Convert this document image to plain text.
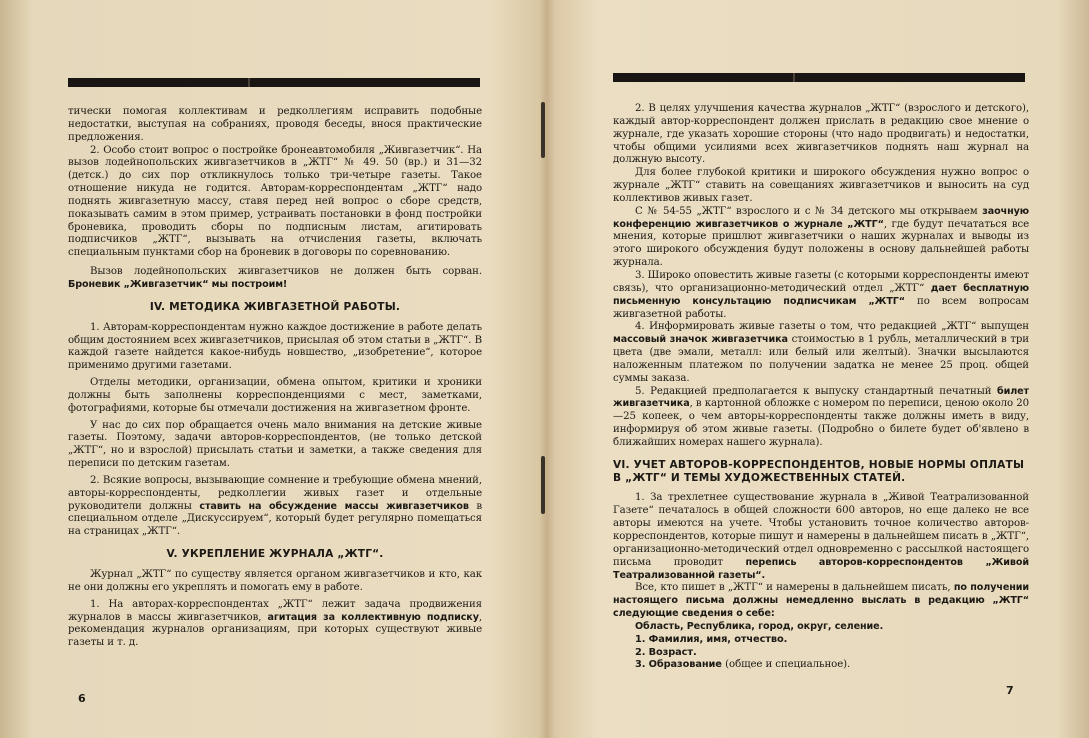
тически помогая коллективам и редколлегиям исправить подобные недостатки, выступая на собраниях, проводя беседы, внося практические предложения.

2. Особо стоит вопрос о постройке бронеавтомобиля „Живгазетчик“. На вызов лодейнопольских живгазетчиков в „ЖТГ“ № 49. 50 (вр.) и 31—32 (детск.) до сих пор откликнулось только три-четыре газеты. Такое отношение никуда не годится. Авторам-корреспондентам „ЖТГ“ надо поднять живгазетную массу, ставя перед ней вопрос о сборе средств, показывать самим в этом пример, устраивать постановки в фонд постройки броневика, проводить сборы по подписным листам, агитировать подписчиков „ЖТГ“, вызывать на отчисления газеты, включать специальным пунктами сбор на броневик в договоры по соревнованию.

Вызов лодейнопольских живгазетчиков не должен быть сорван. Броневик „Живгазетчик“ мы построим!

IV. МЕТОДИКА ЖИВГАЗЕТНОЙ РАБОТЫ.

1. Авторам-корреспондентам нужно каждое достижение в работе делать общим достоянием всех живгазетчиков, присылая об этом статьи в „ЖТГ“. В каждой газете найдется какое-нибудь новшество, „изобретение“, которое применимо другими газетами.

Отделы методики, организации, обмена опытом, критики и хроники должны быть заполнены корреспонденциями с мест, заметками, фотографиями, которые бы отмечали достижения на живгазетном фронте.

У нас до сих пор обращается очень мало внимания на детские живые газеты. Поэтому, задачи авторов-корреспондентов, (не только детской „ЖТГ“, но и взрослой) присылать статьи и заметки, а также сведения для переписи по детским газетам.

2. Всякие вопросы, вызывающие сомнение и требующие обмена мнений, авторы-корреспонденты, редколлегии живых газет и отдельные руководители должны ставить на обсуждение массы живгазетчиков в специальном отделе „Дискуссируем“, который будет регулярно помещаться на страницах „ЖТГ“.

V. УКРЕПЛЕНИЕ ЖУРНАЛА „ЖТГ“.

Журнал „ЖТГ“ по существу является органом живгазетчиков и кто, как не они должны его укреплять и помогать ему в работе.

1. На авторах-корреспондентах „ЖТГ“ лежит задача продвижения журналов в массы живгазетчиков, агитация за коллективную подписку, рекомендация журналов организациям, при которых существуют живые газеты и т. д.

6

2. В целях улучшения качества журналов „ЖТГ“ (взрослого и детского), каждый автор-корреспондент должен прислать в редакцию свое мнение о журнале, где указать хорошие стороны (что надо продвигать) и недостатки, чтобы общими усилиями всех живгазетчиков поднять наш журнал на должную высоту.

Для более глубокой критики и широкого обсуждения нужно вопрос о журнале „ЖТГ“ ставить на совещаниях живгазетчиков и выносить на суд коллективов живых газет.

С № 54-55 „ЖТГ“ взрослого и с № 34 детского мы открываем заочную конференцию живгазетчиков о журнале „ЖТГ“, где будут печататься все мнения, которые пришлют живгазетчики о наших журналах и выводы из этого широкого обсуждения будут положены в основу дальнейшей работы журнала.

3. Широко оповестить живые газеты (с которыми корреспонденты имеют связь), что организационно-методический отдел „ЖТГ“ дает бесплатную письменную консультацию подписчикам „ЖТГ“ по всем вопросам живгазетной работы.

4. Информировать живые газеты о том, что редакцией „ЖТГ“ выпущен массовый значок живгазетчика стоимостью в 1 рубль, металлический в три цвета (две эмали, металл: или белый или желтый). Значки высылаются наложенным платежом по получении задатка не менее 25 проц. общей суммы заказа.

5. Редакцией предполагается к выпуску стандартный печатный билет живгазетчика, в картонной обложке с номером по переписи, ценою около 20—25 копеек, о чем авторы-корреспонденты также должны иметь в виду, информируя об этом живые газеты. (Подробно о билете будет об'явлено в ближайших номерах нашего журнала).

VI. УЧЕТ АВТОРОВ-КОРРЕСПОНДЕНТОВ, НОВЫЕ НОРМЫ ОПЛАТЫ В „ЖТГ“ И ТЕМЫ ХУДОЖЕСТВЕННЫХ СТАТЕЙ.

1. За трехлетнее существование журнала в „Живой Театрализованной Газете“ печаталось в общей сложности 600 авторов, но еще далеко не все авторы имеются на учете. Чтобы установить точное количество авторов-корреспондентов, которые пишут и намерены в дальнейшем писать в „ЖТГ“, организационно-методический отдел одновременно с рассылкой настоящего письма проводит перепись авторов-корреспондентов „Живой Театрализованной газеты“.

Все, кто пишет в „ЖТГ“ и намерены в дальнейшем писать, по получении настоящего письма должны немедленно выслать в редакцию „ЖТГ“ следующие сведения о себе:

Область, Республика, город, округ, селение.

1. Фамилия, имя, отчество.
2. Возраст.
3. Образование (общее и специальное).
7
